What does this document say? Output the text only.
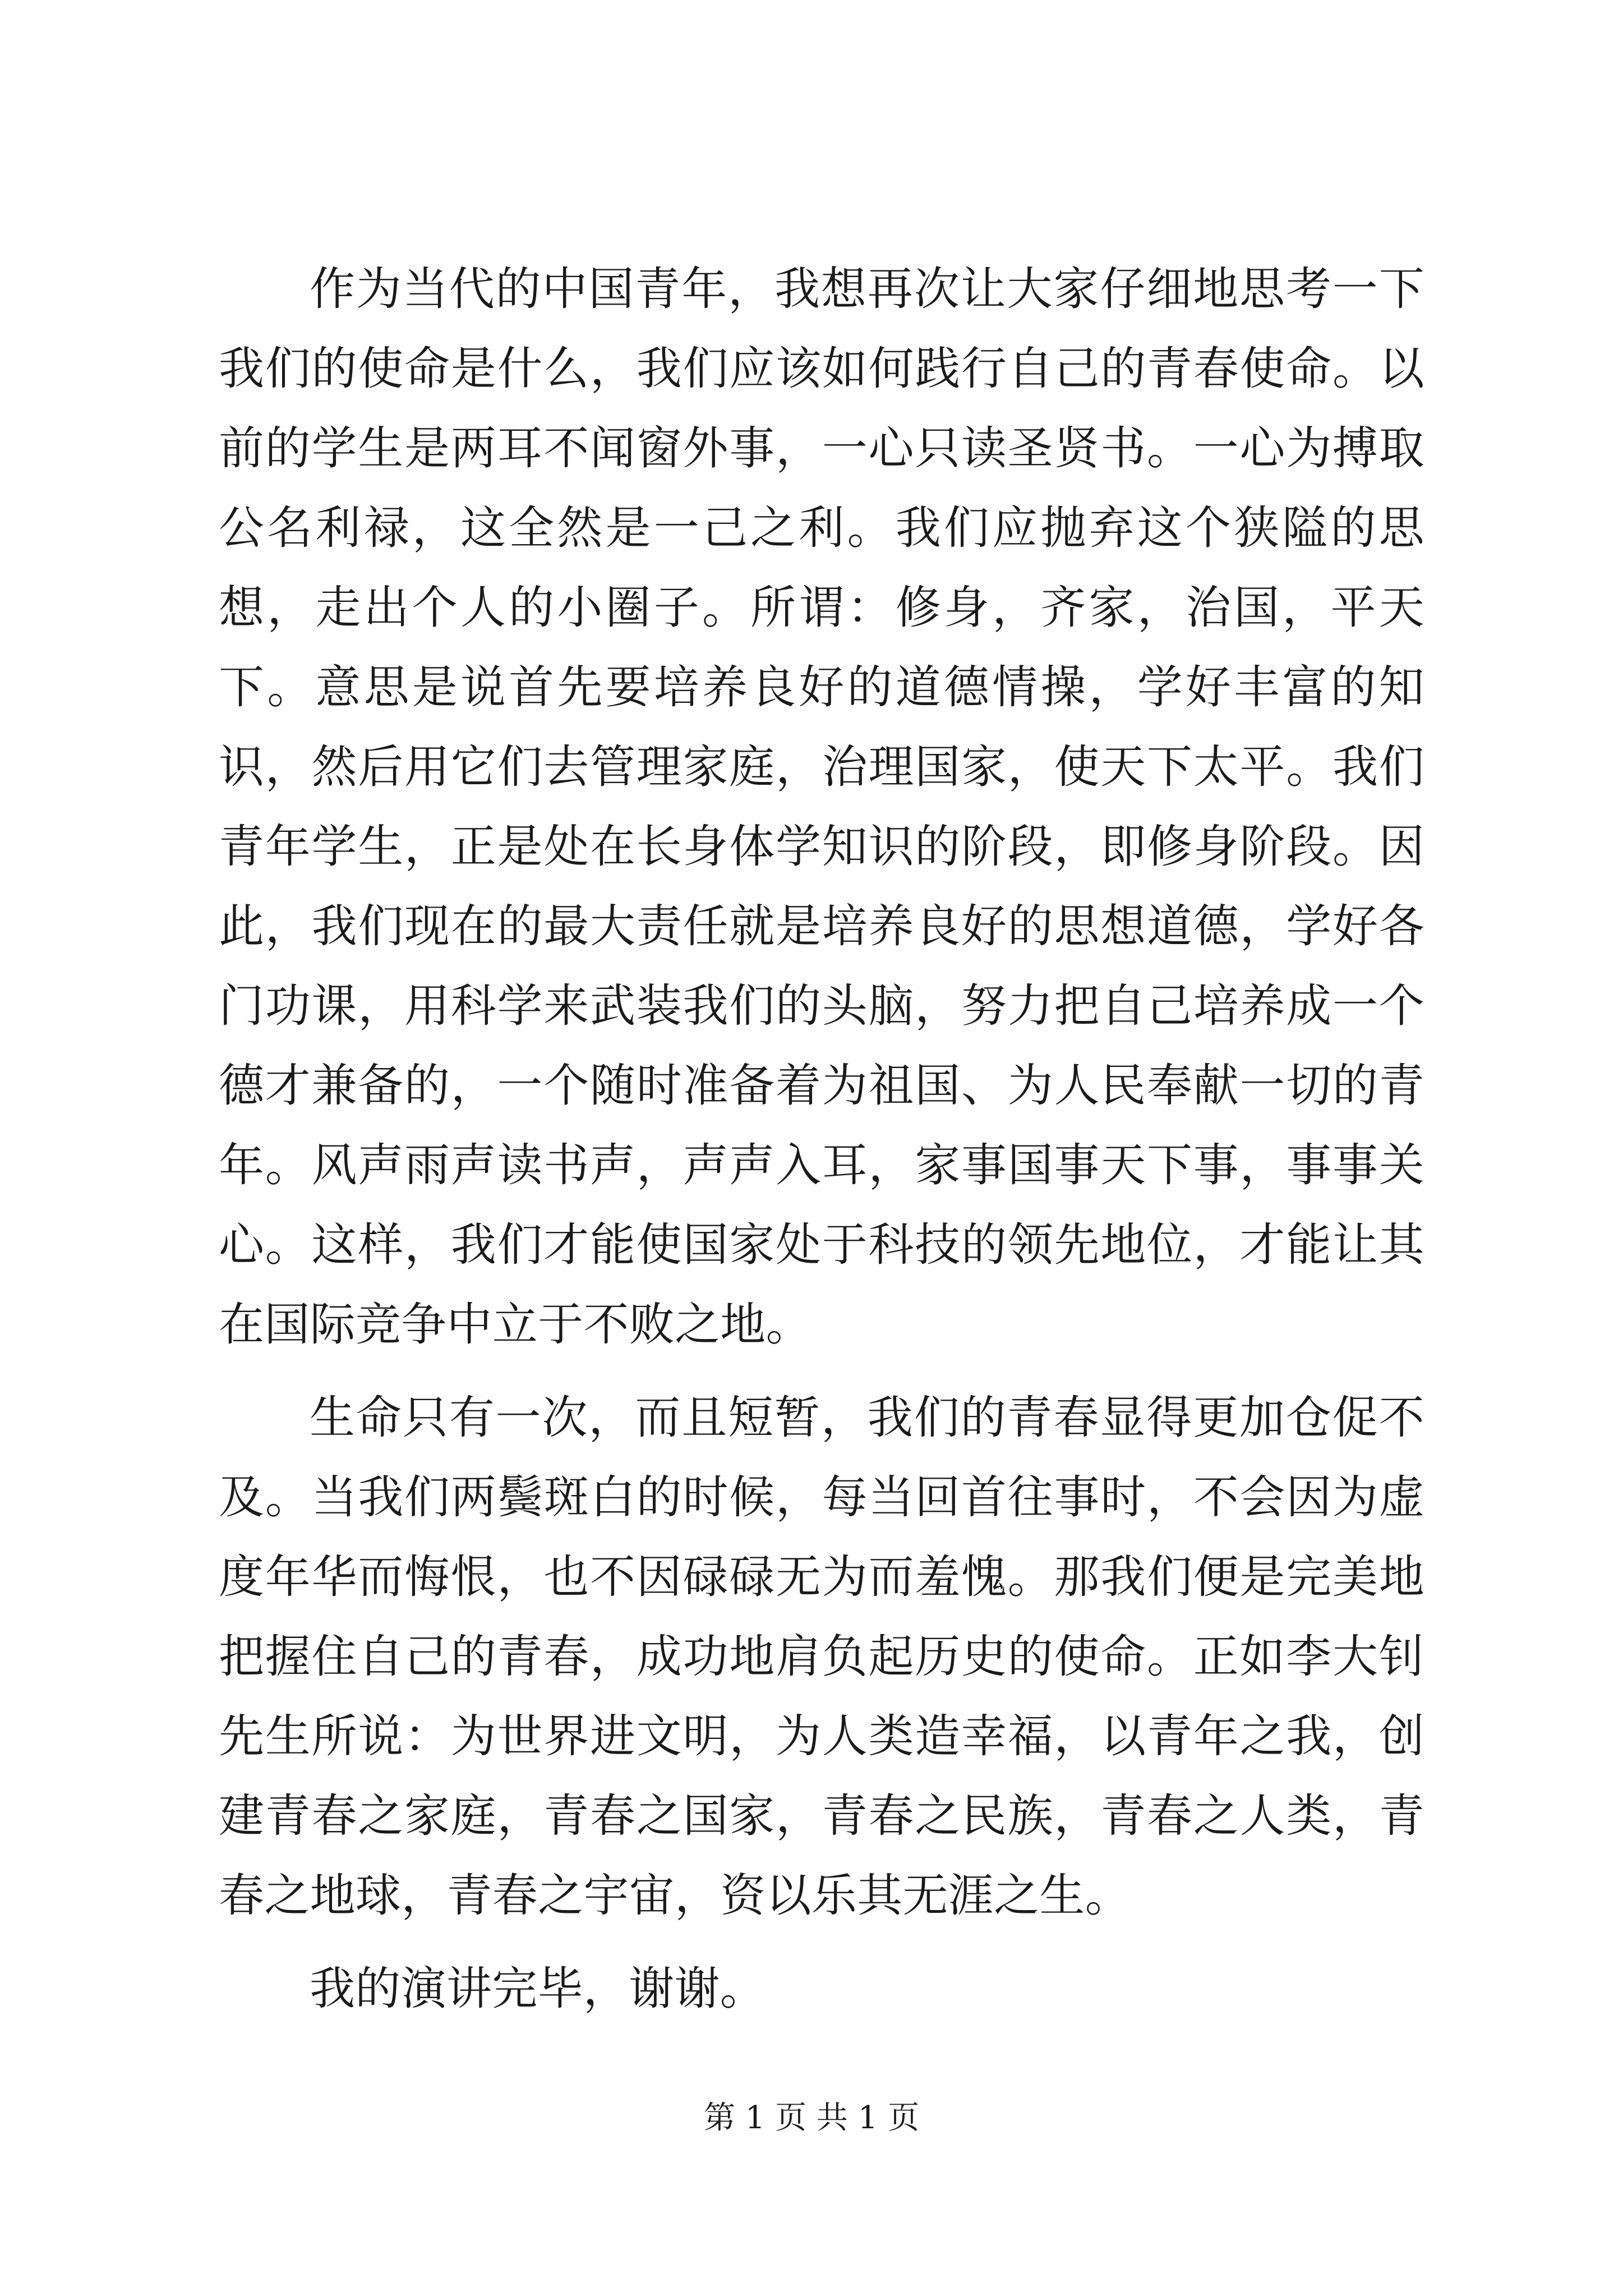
作为当代的中国青年，我想再次让大家仔细地思考一下我们的使命是什么，我们应该如何践行自己的青春使命。以前的学生是两耳不闻窗外事，一心只读圣贤书。一心为搏取公名利禄，这全然是一己之利。我们应抛弃这个狭隘的思想，走出个人的小圈子。所谓：修身，齐家，治国，平天下。意思是说首先要培养良好的道德情操，学好丰富的知识，然后用它们去管理家庭，治理国家，使天下太平。我们青年学生，正是处在长身体学知识的阶段，即修身阶段。因此，我们现在的最大责任就是培养良好的思想道德，学好各门功课，用科学来武装我们的头脑，努力把自己培养成一个德才兼备的，一个随时准备着为祖国、为人民奉献一切的青年。风声雨声读书声，声声入耳，家事国事天下事，事事关心。这样，我们才能使国家处于科技的领先地位，才能让其在国际竞争中立于不败之地。

生命只有一次，而且短暂，我们的青春显得更加仓促不及。当我们两鬓斑白的时候，每当回首往事时，不会因为虚度年华而悔恨，也不因碌碌无为而羞愧。那我们便是完美地把握住自己的青春，成功地肩负起历史的使命。正如李大钊先生所说：为世界进文明，为人类造幸福，以青年之我，创建青春之家庭，青春之国家，青春之民族，青春之人类，青春之地球，青春之宇宙，资以乐其无涯之生。

我的演讲完毕，谢谢。

第 1 页 共 1 页
